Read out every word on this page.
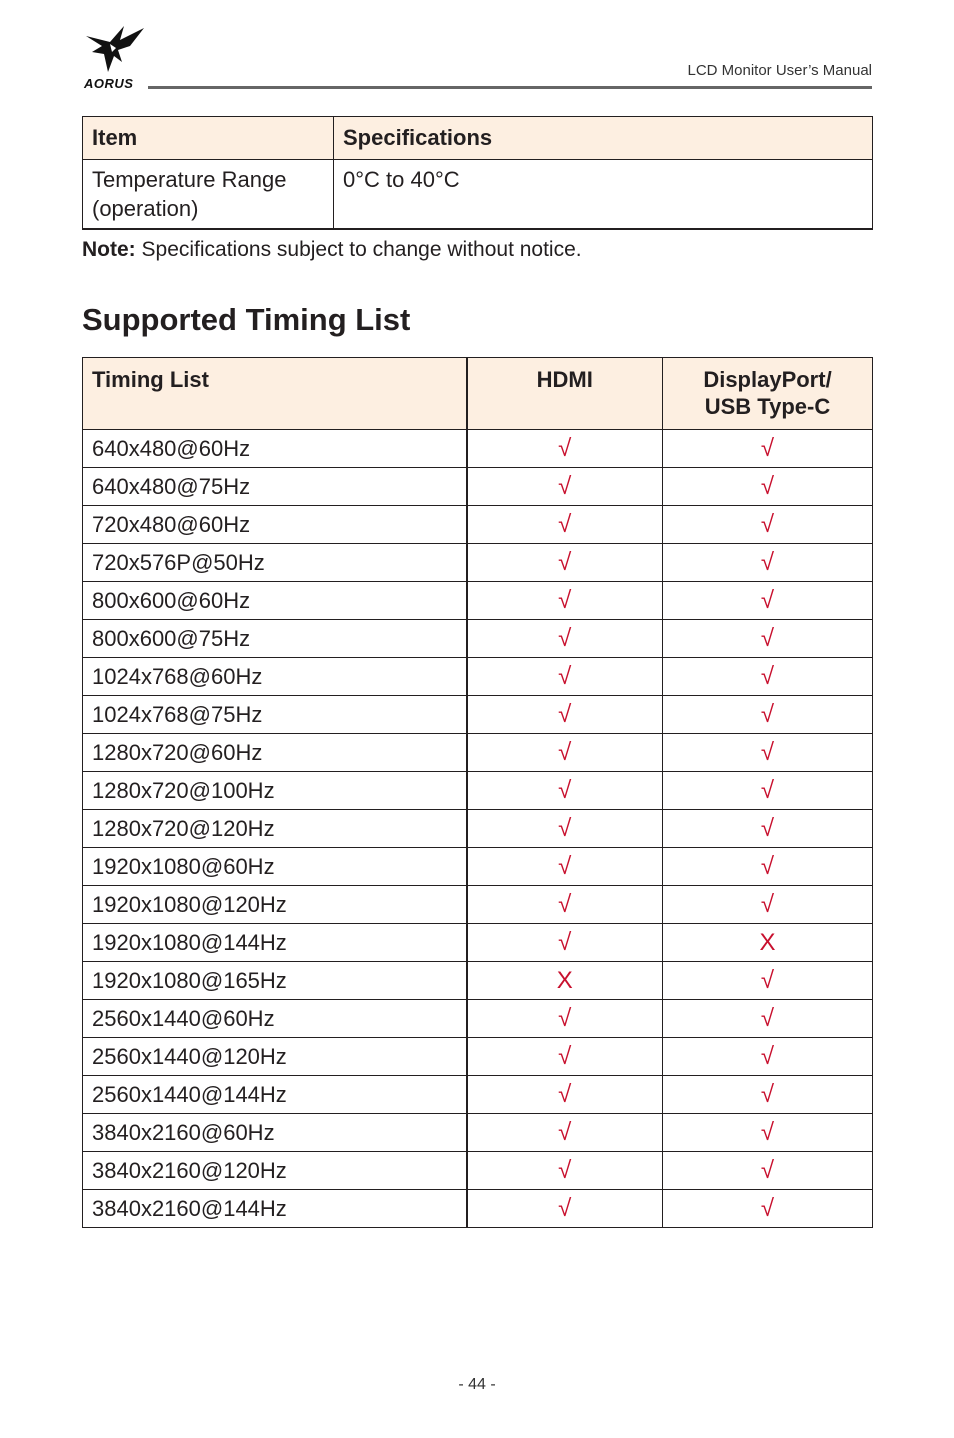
AORUS
LCD Monitor User’s Manual
Item	Specifications
Temperature Range (operation)	0°C to 40°C
Note: Specifications subject to change without notice.
Supported Timing List
Timing List	HDMI	DisplayPort/
USB Type-C
640x480@60Hz	√	√
640x480@75Hz	√	√
720x480@60Hz	√	√
720x576P@50Hz	√	√
800x600@60Hz	√	√
800x600@75Hz	√	√
1024x768@60Hz	√	√
1024x768@75Hz	√	√
1280x720@60Hz	√	√
1280x720@100Hz	√	√
1280x720@120Hz	√	√
1920x1080@60Hz	√	√
1920x1080@120Hz	√	√
1920x1080@144Hz	√	X
1920x1080@165Hz	X	√
2560x1440@60Hz	√	√
2560x1440@120Hz	√	√
2560x1440@144Hz	√	√
3840x2160@60Hz	√	√
3840x2160@120Hz	√	√
3840x2160@144Hz	√	√
- 44 -
